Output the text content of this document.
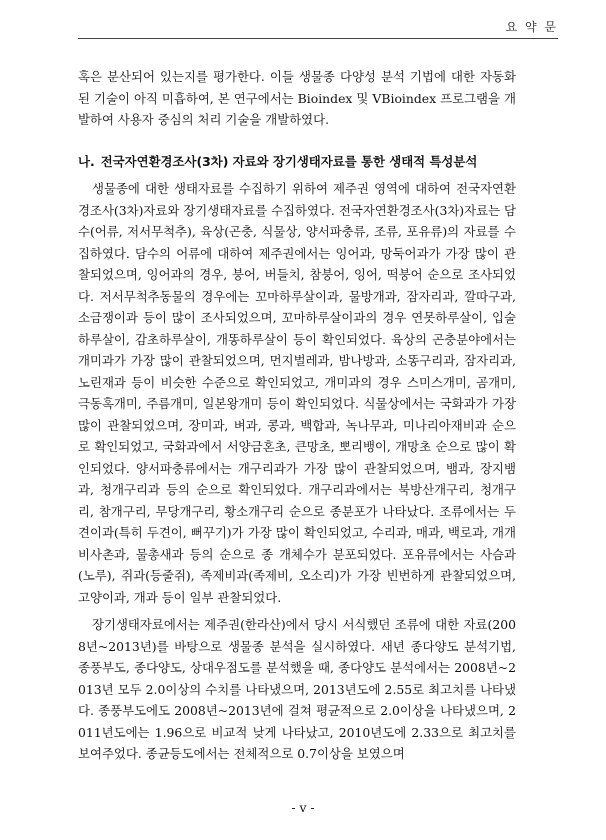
요 약 문

혹은 분산되어 있는지를 평가한다. 이들 생물종 다양성 분석 기법에 대한 자동화된 기술이 아직 미흡하여, 본 연구에서는 Bioindex 및 VBioindex 프로그램을 개발하여 사용자 중심의 처리 기술을 개발하였다.

나. 전국자연환경조사(3차) 자료와 장기생태자료를 통한 생태적 특성분석

생물종에 대한 생태자료를 수집하기 위하여 제주권 영역에 대하여 전국자연환경조사(3차)자료와 장기생태자료를 수집하였다. 전국자연환경조사(3차)자료는 담수(어류, 저서무척추), 육상(곤충, 식물상, 양서파충류, 조류, 포유류)의 자료를 수집하였다. 담수의 어류에 대하여 제주권에서는 잉어과, 망둑어과가 가장 많이 관찰되었으며, 잉어과의 경우, 붕어, 버들치, 참붕어, 잉어, 떡붕어 순으로 조사되었다. 저서무척추동물의 경우에는 꼬마하루살이과, 물방개과, 잠자리과, 깔따구과, 소금쟁이과 등이 많이 조사되었으며, 꼬마하루살이과의 경우 연못하루살이, 입술하루살이, 감초하루살이, 개똥하루살이 등이 확인되었다. 육상의 곤충분야에서는 개미과가 가장 많이 관찰되었으며, 먼지벌레과, 밤나방과, 소똥구리과, 잠자리과, 노린재과 등이 비슷한 수준으로 확인되었고, 개미과의 경우 스미스개미, 곰개미, 극동혹개미, 주름개미, 일본왕개미 등이 확인되었다. 식물상에서는 국화과가 가장 많이 관찰되었으며, 장미과, 벼과, 콩과, 백합과, 녹나무과, 미나리아재비과 순으로 확인되었고, 국화과에서 서양금혼초, 큰망초, 뽀리뱅이, 개망초 순으로 많이 확인되었다. 양서파충류에서는 개구리과가 가장 많이 관찰되었으며, 뱀과, 장지뱀과, 청개구리과 등의 순으로 확인되었다. 개구리과에서는 북방산개구리, 청개구리, 참개구리, 무당개구리, 황소개구리 순으로 종분포가 나타났다. 조류에서는 두견이과(특히 두견이, 뻐꾸기)가 가장 많이 확인되었고, 수리과, 매과, 백로과, 개개비사촌과, 물총새과 등의 순으로 종 개체수가 분포되었다. 포유류에서는 사슴과(노루), 쥐과(등줄쥐), 족제비과(족제비, 오소리)가 가장 빈번하게 관찰되었으며, 고양이과, 개과 등이 일부 관찰되었다.

장기생태자료에서는 제주권(한라산)에서 당시 서식했던 조류에 대한 자료(2008년~2013년)를 바탕으로 생물종 분석을 실시하였다. 새년 종다양도 분석기법, 종풍부도, 종다양도, 상대우점도를 분석했을 때, 종다양도 분석에서는 2008년~2013년 모두 2.0이상의 수치를 나타냈으며, 2013년도에 2.55로 최고치를 나타냈다. 종풍부도에도 2008년~2013년에 걸쳐 평균적으로 2.0이상을 나타냈으며, 2011년도에는 1.96으로 비교적 낮게 나타났고, 2010년도에 2.33으로 최고치를 보여주었다. 종균등도에서는 전체적으로 0.7이상을 보였으며

- v -
